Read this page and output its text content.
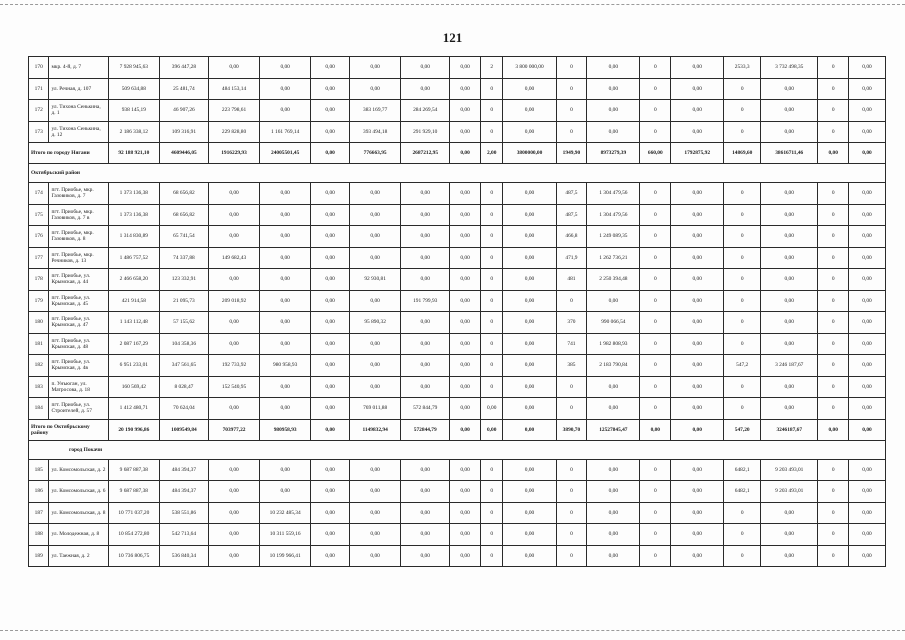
121
170	мкр. 4-й, д. 7	7 928 945,63	396 447,28	0,00	0,00	0,00	0,00	0,00	0,00	2	3 800 000,00	0	0,00	0	0,00	2533,3	3 732 498,35	0	0,00
171	ул. Речная, д. 107	509 634,88	25 481,74	484 153,14	0,00	0,00	0,00	0,00	0,00	0	0,00	0	0,00	0	0,00	0	0,00	0	0,00
172	ул. Тихона Сенькина, д. 1	938 145,19	46 907,26	223 798,61	0,00	0,00	383 169,77	284 269,54	0,00	0	0,00	0	0,00	0	0,00	0	0,00	0	0,00
173	ул. Тихона Сенькина, д. 12	2 186 338,12	109 316,91	229 828,80	1 161 769,14	0,00	393 494,18	291 929,10	0,00	0	0,00	0	0,00	0	0,00	0	0,00	0	0,00
Итого по городу Нягани		92 188 921,10	4609446,05	1916229,93	24005501,45	0,00	776663,95	2687212,95	0,00	2,00	3800000,00	1949,90	8973279,39	660,00	1792875,92	14869,60	38616711,46	0,00	0,00
Октябрьский район																			
174	пгт. Приобье, мкр. Газовиков, д. 7	1 373 136,38	68 656,82	0,00	0,00	0,00	0,00	0,00	0,00	0	0,00	487,5	1 304 479,56	0	0,00	0	0,00	0	0,00
175	пгт. Приобье, мкр. Газовиков, д. 7 в	1 373 136,38	68 656,82	0,00	0,00	0,00	0,00	0,00	0,00	0	0,00	487,5	1 304 479,56	0	0,00	0	0,00	0	0,00
176	пгт. Приобье, мкр. Газовиков, д. 8	1 314 830,89	65 741,54	0,00	0,00	0,00	0,00	0,00	0,00	0	0,00	466,8	1 249 089,35	0	0,00	0	0,00	0	0,00
177	пгт. Приобье, мкр. Речников, д. 13	1 486 757,52	74 337,88	149 682,43	0,00	0,00	0,00	0,00	0,00	0	0,00	471,9	1 262 736,21	0	0,00	0	0,00	0	0,00
178	пгт. Приобье, ул. Крымская, д. 44	2 466 658,20	123 332,91	0,00	0,00	0,00	92 930,81	0,00	0,00	0	0,00	481	2 250 394,48	0	0,00	0	0,00	0	0,00
179	пгт. Приобье, ул. Крымская, д. 45	421 914,58	21 095,73	209 018,92	0,00	0,00	0,00	191 799,93	0,00	0	0,00	0	0,00	0	0,00	0	0,00	0	0,00
180	пгт. Приобье, ул. Крымская, д. 47	1 143 112,48	57 155,62	0,00	0,00	0,00	95 890,32	0,00	0,00	0	0,00	370	990 066,54	0	0,00	0	0,00	0	0,00
181	пгт. Приобье, ул. Крымская, д. 48	2 087 167,29	104 358,36	0,00	0,00	0,00	0,00	0,00	0,00	0	0,00	741	1 982 808,93	0	0,00	0	0,00	0	0,00
182	пгт. Приобье, ул. Крымская, д. 4в	6 951 233,01	347 561,65	192 733,92	980 958,93	0,00	0,00	0,00	0,00	0	0,00	385	2 183 790,84	0	0,00	547,2	3 246 187,67	0	0,00
183	п. Унъюган, ул. Матросова, д. 18	160 569,42	8 028,47	152 540,95	0,00	0,00	0,00	0,00	0,00	0	0,00	0	0,00	0	0,00	0	0,00	0	0,00
184	пгт. Приобье, ул. Строителей, д. 57	1 412 480,71	70 624,04	0,00	0,00	0,00	769 011,88	572 844,79	0,00	0,00	0,00	0	0,00	0	0,00	0	0,00	0	0,00
Итого по Октябрьскому району		20 190 996,86	1009549,84	703977,22	980958,93	0,00	1149832,94	572844,79	0,00	0,00	0,00	3890,70	12527845,47	0,00	0,00	547,20	3246187,67	0,00	0,00
город Покачи																			
185	ул. Комсомольская, д. 2	9 687 887,38	484 394,37	0,00	0,00	0,00	0,00	0,00	0,00	0	0,00	0	0,00	0	0,00	6482,1	9 203 493,01	0	0,00
186	ул. Комсомольская, д. 6	9 687 887,38	484 394,37	0,00	0,00	0,00	0,00	0,00	0,00	0	0,00	0	0,00	0	0,00	6482,1	9 203 493,01	0	0,00
187	ул. Комсомольская, д. 8	10 771 037,20	538 551,86	0,00	10 232 485,34	0,00	0,00	0,00	0,00	0	0,00	0	0,00	0	0,00	0	0,00	0	0,00
188	ул. Молодежная, д. 8	10 854 272,80	542 713,64	0,00	10 311 559,16	0,00	0,00	0,00	0,00	0	0,00	0	0,00	0	0,00	0	0,00	0	0,00
189	ул. Таежная, д. 2	10 736 806,75	536 840,34	0,00	10 199 966,41	0,00	0,00	0,00	0,00	0	0,00	0	0,00	0	0,00	0	0,00	0	0,00
